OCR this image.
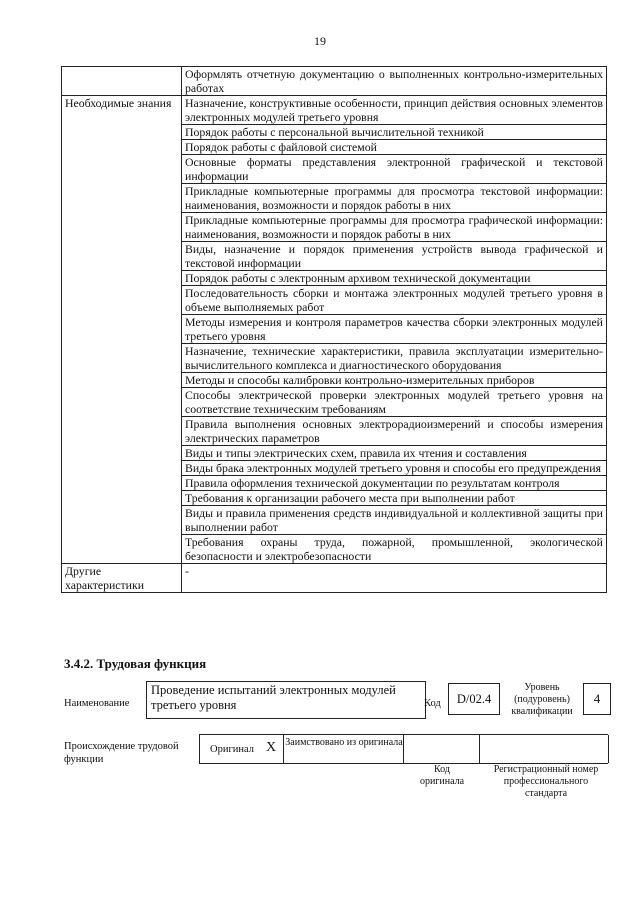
19
	Оформлять отчетную документацию о выполненных контрольно-измерительных работах
Необходимые знания	Назначение, конструктивные особенности, принцип действия основных элементов электронных модулей третьего уровня
	Порядок работы с персональной вычислительной техникой
	Порядок работы с файловой системой
	Основные форматы представления электронной графической и текстовой информации
	Прикладные компьютерные программы для просмотра текстовой информации: наименования, возможности и порядок работы в них
	Прикладные компьютерные программы для просмотра графической информации: наименования, возможности и порядок работы в них
	Виды, назначение и порядок применения устройств вывода графической и текстовой информации
	Порядок работы с электронным архивом технической документации
	Последовательность сборки и монтажа электронных модулей третьего уровня в объеме выполняемых работ
	Методы измерения и контроля параметров качества сборки электронных модулей третьего уровня
	Назначение, технические характеристики, правила эксплуатации измерительно-вычислительного комплекса и диагностического оборудования
	Методы и способы калибровки контрольно-измерительных приборов
	Способы электрической проверки электронных модулей третьего уровня на соответствие техническим требованиям
	Правила выполнения основных электрорадиоизмерений и способы измерения электрических параметров
	Виды и типы электрических схем, правила их чтения и составления
	Виды брака электронных модулей третьего уровня и способы его предупреждения
	Правила оформления технической документации по результатам контроля
	Требования к организации рабочего места при выполнении работ
	Виды и правила применения средств индивидуальной и коллективной защиты при выполнении работ
	Требования охраны труда, пожарной, промышленной, экологической безопасности и электробезопасности
Другие характеристики	-
3.4.2. Трудовая функция
Наименование
Проведение испытаний электронных модулей третьего уровня	Код	D/02.4
Уровень (подуровень) квалификации
4
Происхождение трудовой функции
Оригинал X Заимствовано из оригинала
Код оригинала
Регистрационный номер профессионального стандарта
